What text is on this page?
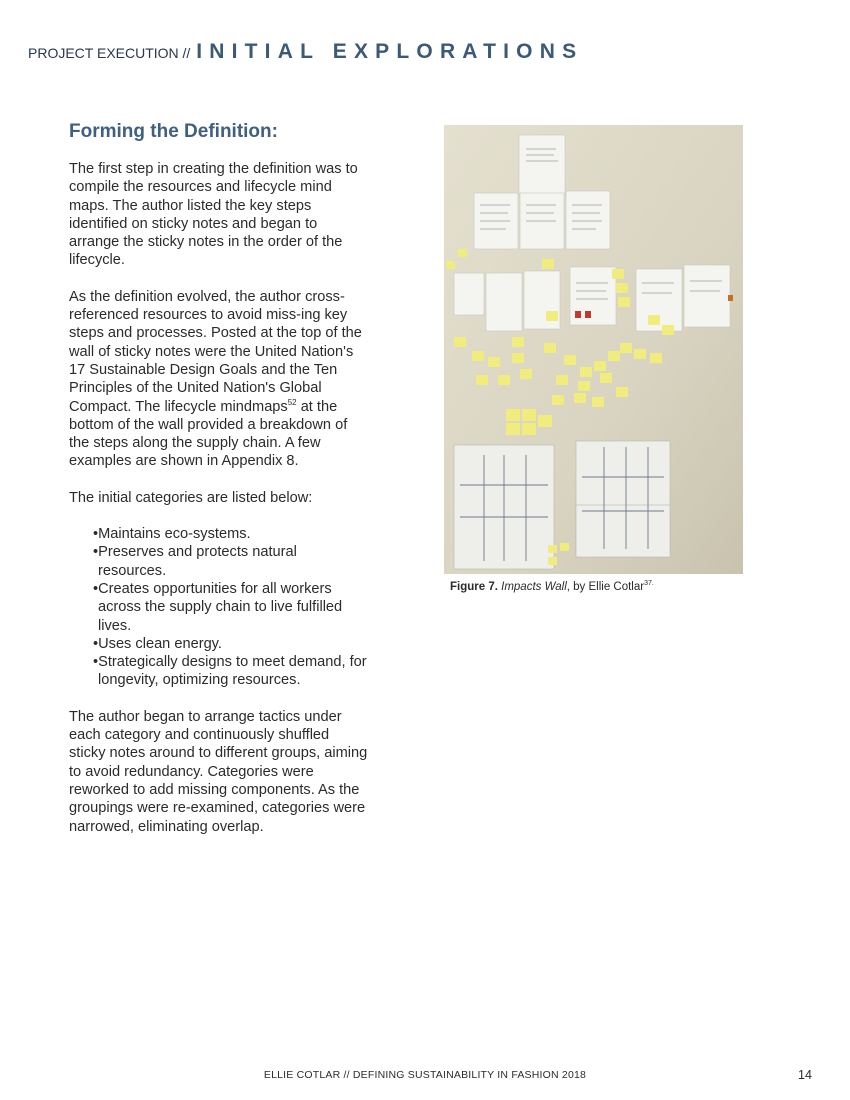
PROJECT EXECUTION // INITIAL EXPLORATIONS
Forming the Definition:

The first step in creating the definition was to compile the resources and lifecycle mind maps. The author listed the key steps identified on sticky notes and began to arrange the sticky notes in the order of the lifecycle.

As the definition evolved, the author cross-referenced resources to avoid miss-ing key steps and processes. Posted at the top of the wall of sticky notes were the United Nation's 17 Sustainable Design Goals and the Ten Principles of the United Nation's Global Compact. The lifecycle mindmaps$^{52}$ at the bottom of the wall provided a breakdown of the steps along the supply chain. A few examples are shown in Appendix 8.

The initial categories are listed below:

•Maintains eco-systems.
•Preserves and protects natural resources.
•Creates opportunities for all workers across the supply chain to live fulfilled lives.
•Uses clean energy.
•Strategically designs to meet demand, for longevity, optimizing resources.

The author began to arrange tactics under each category and continuously shuffled sticky notes around to different groups, aiming to avoid redundancy. Categories were reworked to add missing components. As the groupings were re-examined, categories were narrowed, eliminating overlap.

Figure 7. Impacts Wall, by Ellie Cotlar$^{37.}$
ELLIE COTLAR // DEFINING SUSTAINABILITY IN FASHION 2018	14
